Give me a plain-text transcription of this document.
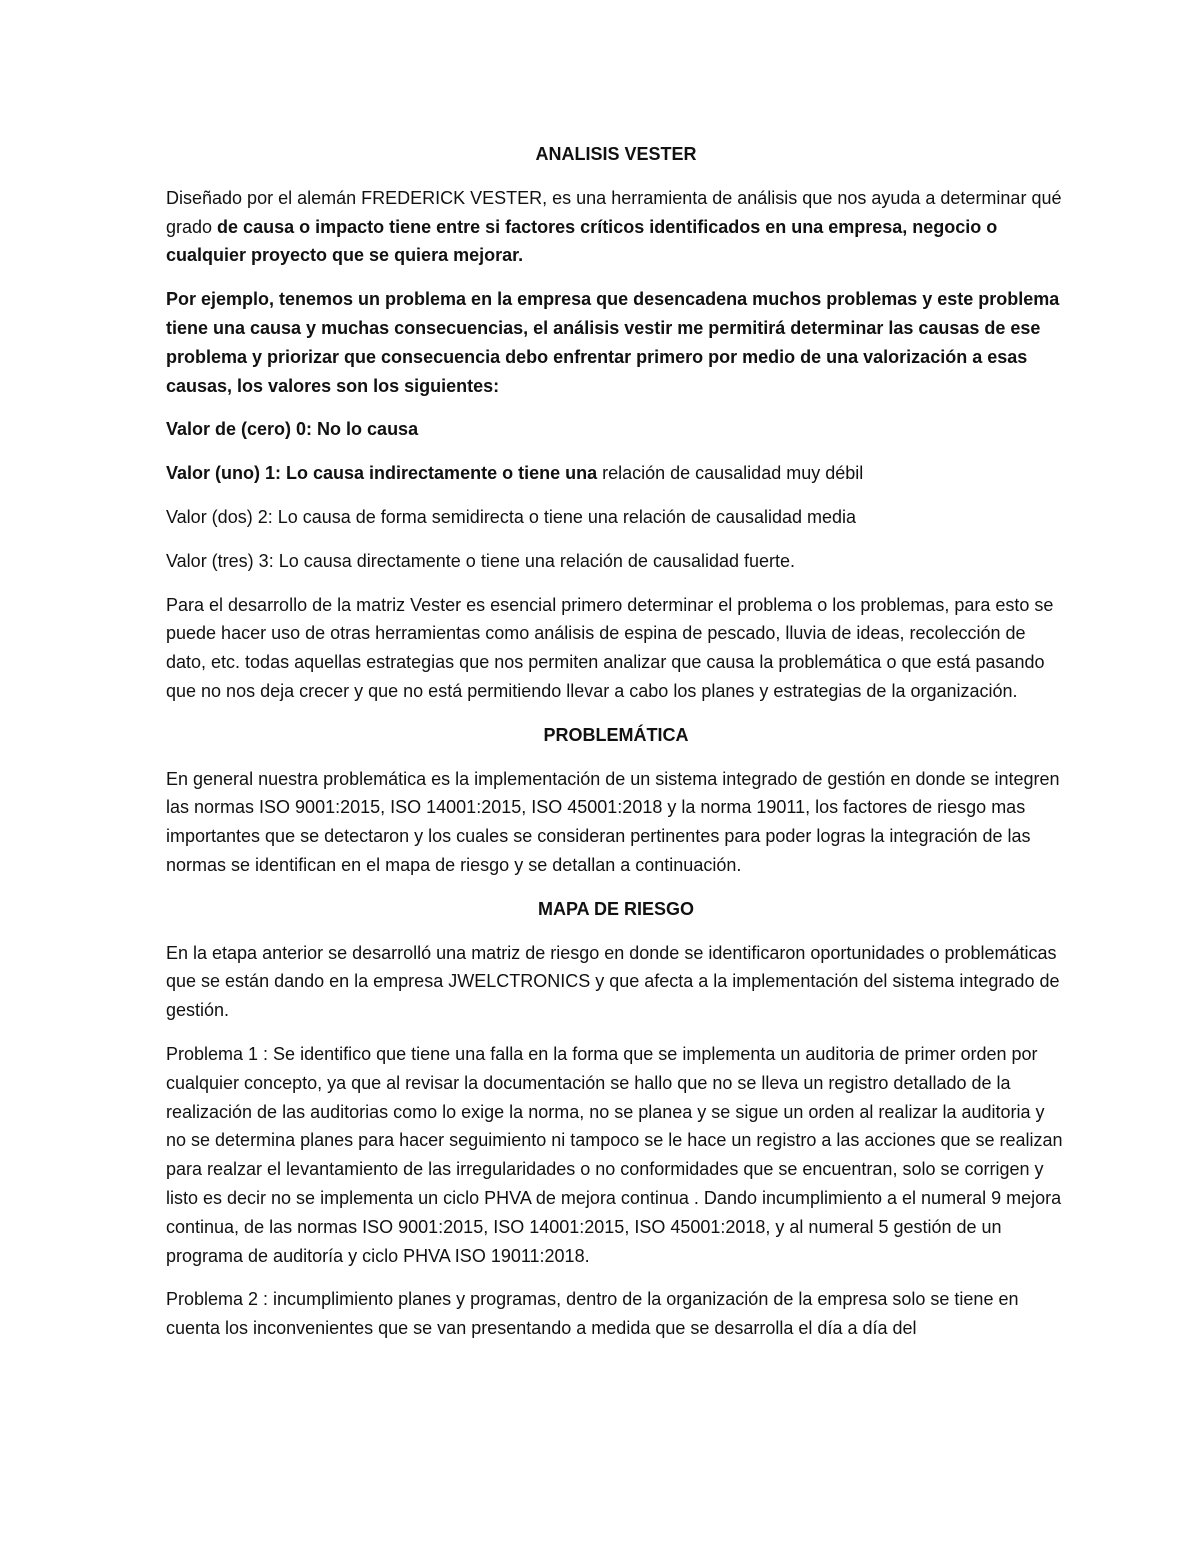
ANALISIS VESTER

Diseñado por el alemán FREDERICK VESTER, es una herramienta de análisis que nos ayuda a determinar qué grado de causa o impacto tiene entre si factores críticos identificados en una empresa, negocio o cualquier proyecto que se quiera mejorar.

Por ejemplo, tenemos un problema en la empresa que desencadena muchos problemas y este problema tiene una causa y muchas consecuencias, el análisis vestir me permitirá determinar las causas de ese problema y priorizar que consecuencia debo enfrentar primero por medio de una valorización a esas causas, los valores son los siguientes:

Valor de (cero) 0: No lo causa

Valor (uno) 1: Lo causa indirectamente o tiene una relación de causalidad muy débil

Valor (dos) 2: Lo causa de forma semidirecta o tiene una relación de causalidad media

Valor (tres) 3: Lo causa directamente o tiene una relación de causalidad fuerte.

Para el desarrollo de la matriz Vester es esencial primero determinar el problema o los problemas, para esto se puede hacer uso de otras herramientas como análisis de espina de pescado, lluvia de ideas, recolección de dato, etc. todas aquellas estrategias que nos permiten analizar que causa la problemática o que está pasando que no nos deja crecer y que no está permitiendo llevar a cabo los planes y estrategias de la organización.

PROBLEMÁTICA

En general nuestra problemática es la implementación de un sistema integrado de gestión en donde se integren las normas ISO 9001:2015, ISO 14001:2015, ISO 45001:2018 y la norma 19011, los factores de riesgo mas importantes que se detectaron y los cuales se consideran pertinentes para poder logras la integración de las normas se identifican en el mapa de riesgo y se detallan a continuación.

MAPA DE RIESGO

En la etapa anterior se desarrolló una matriz de riesgo en donde se identificaron oportunidades o problemáticas que se están dando en la empresa JWELCTRONICS y que afecta a la implementación del sistema integrado de gestión.

Problema 1 : Se identifico que tiene una falla en la forma que se implementa un auditoria de primer orden por cualquier concepto, ya que al revisar la documentación se hallo que no se lleva un registro detallado de la realización de las auditorias como lo exige la norma, no se planea y se sigue un orden al realizar la auditoria y no se determina planes para hacer seguimiento ni tampoco se le hace un registro a las acciones que se realizan para realzar el levantamiento de las irregularidades o no conformidades que se encuentran, solo se corrigen y listo es decir no se implementa un ciclo PHVA de mejora continua . Dando incumplimiento a el numeral 9 mejora continua, de las normas ISO 9001:2015, ISO 14001:2015, ISO 45001:2018, y al numeral 5 gestión de un programa de auditoría y ciclo PHVA ISO 19011:2018.

Problema 2 : incumplimiento planes y programas, dentro de la organización de la empresa solo se tiene en cuenta los inconvenientes que se van presentando a medida que se desarrolla el día a día del
